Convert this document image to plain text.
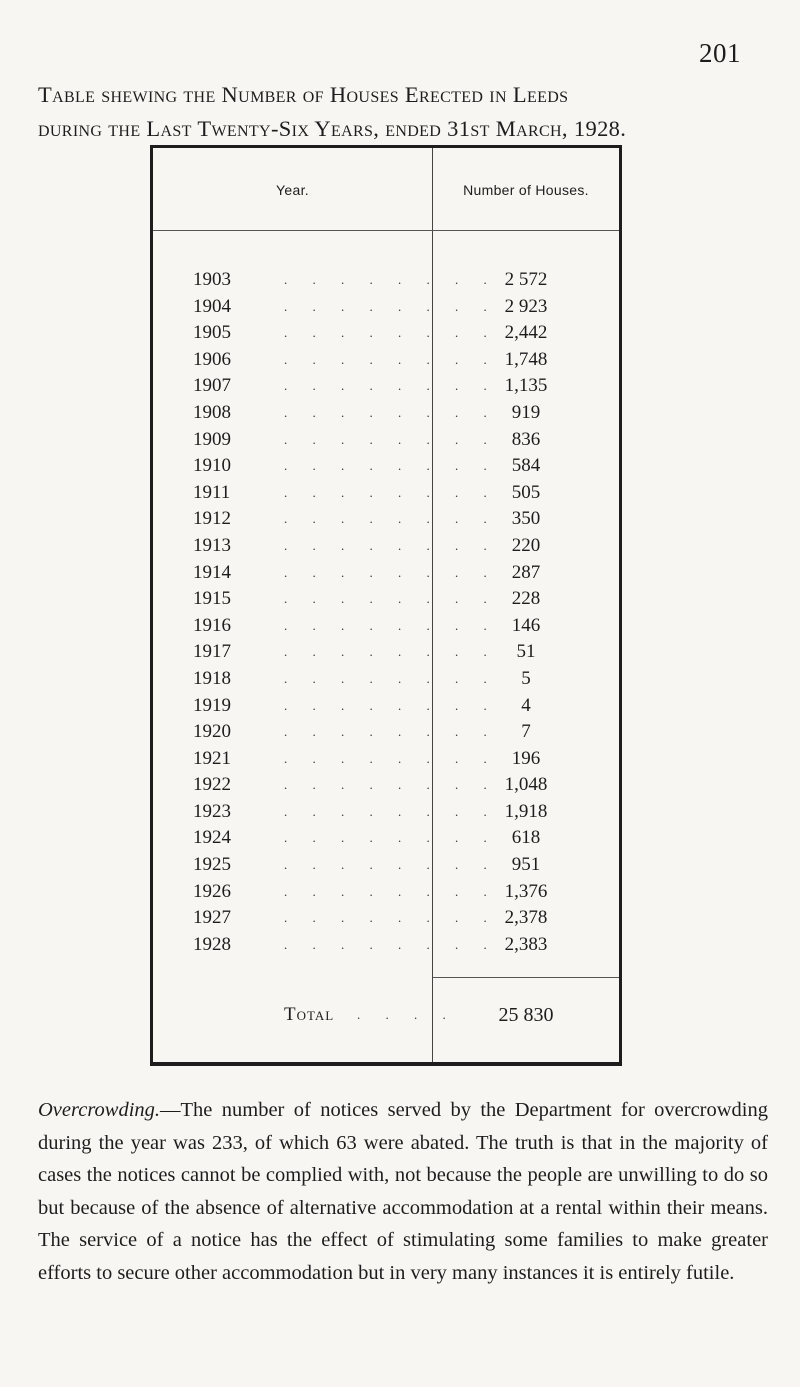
201
Table shewing the Number of Houses Erected in Leeds
during the Last Twenty-Six Years, ended 31st March, 1928.
Year.	Number of Houses.
1903	. . . . . . . . 2 572
1904	. . . . . . . . 2 923
1905	. . . . . . . . 2,442
1906	. . . . . . . . 1,748
1907	. . . . . . . . 1,135
1908	. . . . . . . .	919
1909	. . . . . . . .	836
1910	. . . . . . . .	584
1911	. . . . . . . .	505
1912	. . . . . . . .	350
1913	. . . . . . . .	220
1914	. . . . . . . .	287
1915	. . . . . . . .	228
1916	. . . . . . . .	146
1917	. . . . . . . .	51
1918	. . . . . . . .	5
1919	. . . . . . . .	4
1920	. . . . . . . .	7
1921	. . . . . . . .	196
1922	. . . . . . . . 1,048
1923	. . . . . . . . 1,918
1924	. . . . . . . .	618
1925	. . . . . . . .	951
1926	. . . . . . . . 1,376
1927	. . . . . . . . 2,378
1928	. . . . . . . . 2,383
Total . . . .	25 830

Overcrowding.—The number of notices served by the Department for overcrowding during the year was 233, of which 63 were abated. The truth is that in the majority of cases the notices cannot be complied with, not because the people are unwilling to do so but because of the absence of alternative accommodation at a rental within their means. The service of a notice has the effect of stimulating some families to make greater efforts to secure other accommodation but in very many instances it is entirely futile.
